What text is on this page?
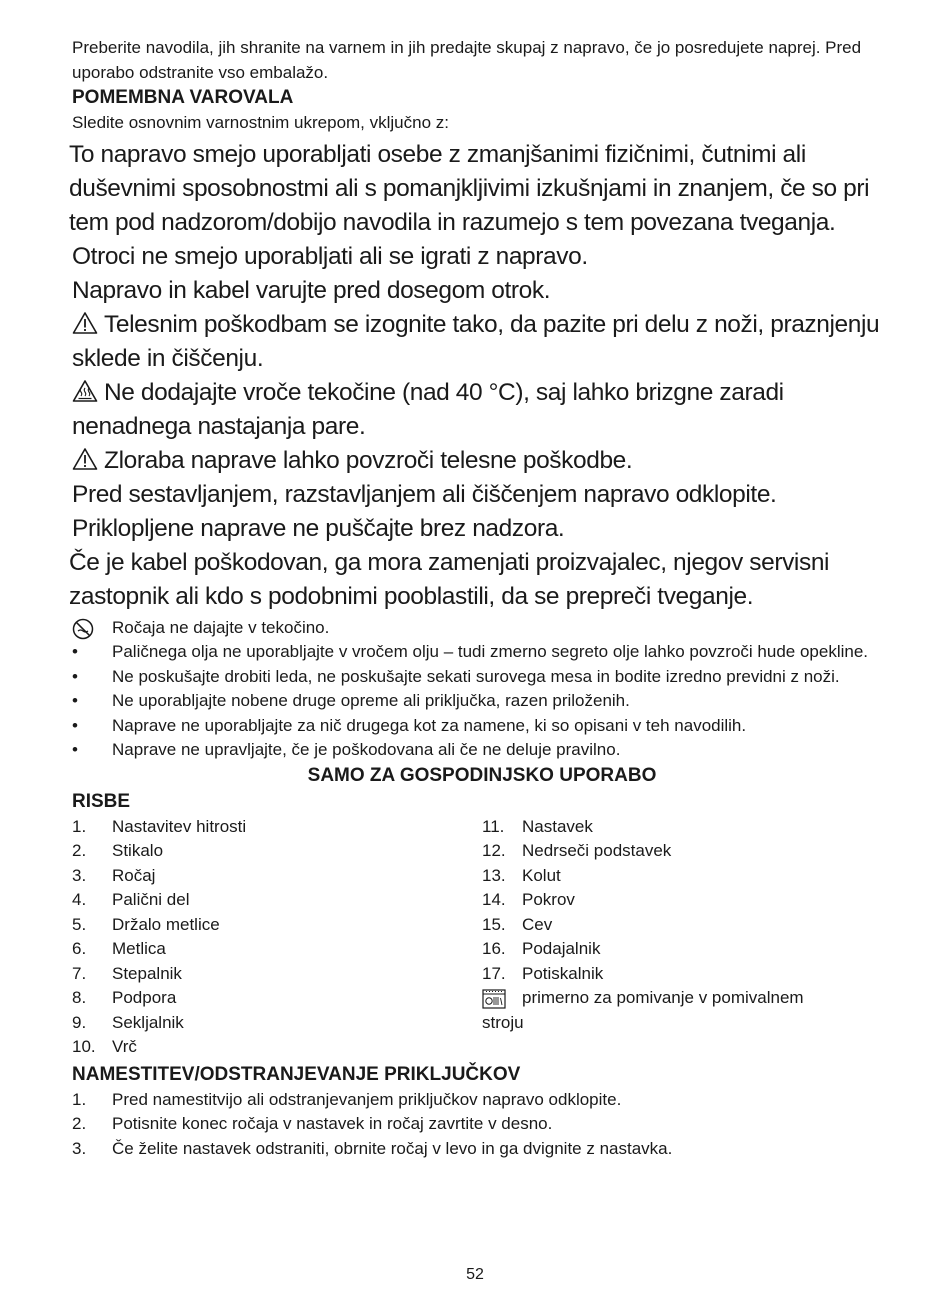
Preberite navodila, jih shranite na varnem in jih predajte skupaj z napravo, če jo posredujete naprej. Pred uporabo odstranite vso embalažo.

POMEMBNA VAROVALA

Sledite osnovnim varnostnim ukrepom, vključno z:

To napravo smejo uporabljati osebe z zmanjšanimi fizičnimi, čutnimi ali duševnimi sposobnostmi ali s pomanjkljivimi izkušnjami in znanjem, če so pri tem pod nadzorom/dobijo navodila in razumejo s tem povezana tveganja.

Otroci ne smejo uporabljati ali se igrati z napravo.

Napravo in kabel varujte pred dosegom otrok.

Telesnim poškodbam se izognite tako, da pazite pri delu z noži, praznjenju sklede in čiščenju.

Ne dodajajte vroče tekočine (nad 40 °C), saj lahko brizgne zaradi nenadnega nastajanja pare.

Zloraba naprave lahko povzroči telesne poškodbe.

Pred sestavljanjem, razstavljanjem ali čiščenjem napravo odklopite.

Priklopljene naprave ne puščajte brez nadzora.

Če je kabel poškodovan, ga mora zamenjati proizvajalec, njegov servisni zastopnik ali kdo s podobnimi pooblastili, da se prepreči tveganje.

Ročaja ne dajajte v tekočino.
•	Paličnega olja ne uporabljajte v vročem olju – tudi zmerno segreto olje lahko povzroči hude opekline.
•	Ne poskušajte drobiti leda, ne poskušajte sekati surovega mesa in bodite izredno previdni z noži.
•	Ne uporabljajte nobene druge opreme ali priključka, razen priloženih.
•	Naprave ne uporabljajte za nič drugega kot za namene, ki so opisani v teh navodilih.
•	Naprave ne upravljajte, če je poškodovana ali če ne deluje pravilno.
SAMO ZA GOSPODINJSKO UPORABO
RISBE
1. Nastavitev hitrosti
2. Stikalo
3. Ročaj
4. Palični del
5. Držalo metlice
6. Metlica
7. Stepalnik
8. Podpora
9. Sekljalnik
10. Vrč
11. Nastavek
12. Nedrseči podstavek
13. Kolut
14. Pokrov
15. Cev
16. Podajalnik
17. Potiskalnik
primerno za pomivanje v pomivalnem
stroju
NAMESTITEV/ODSTRANJEVANJE PRIKLJUČKOV
1. Pred namestitvijo ali odstranjevanjem priključkov napravo odklopite.
2. Potisnite konec ročaja v nastavek in ročaj zavrtite v desno.
3. Če želite nastavek odstraniti, obrnite ročaj v levo in ga dvignite z nastavka.
52
